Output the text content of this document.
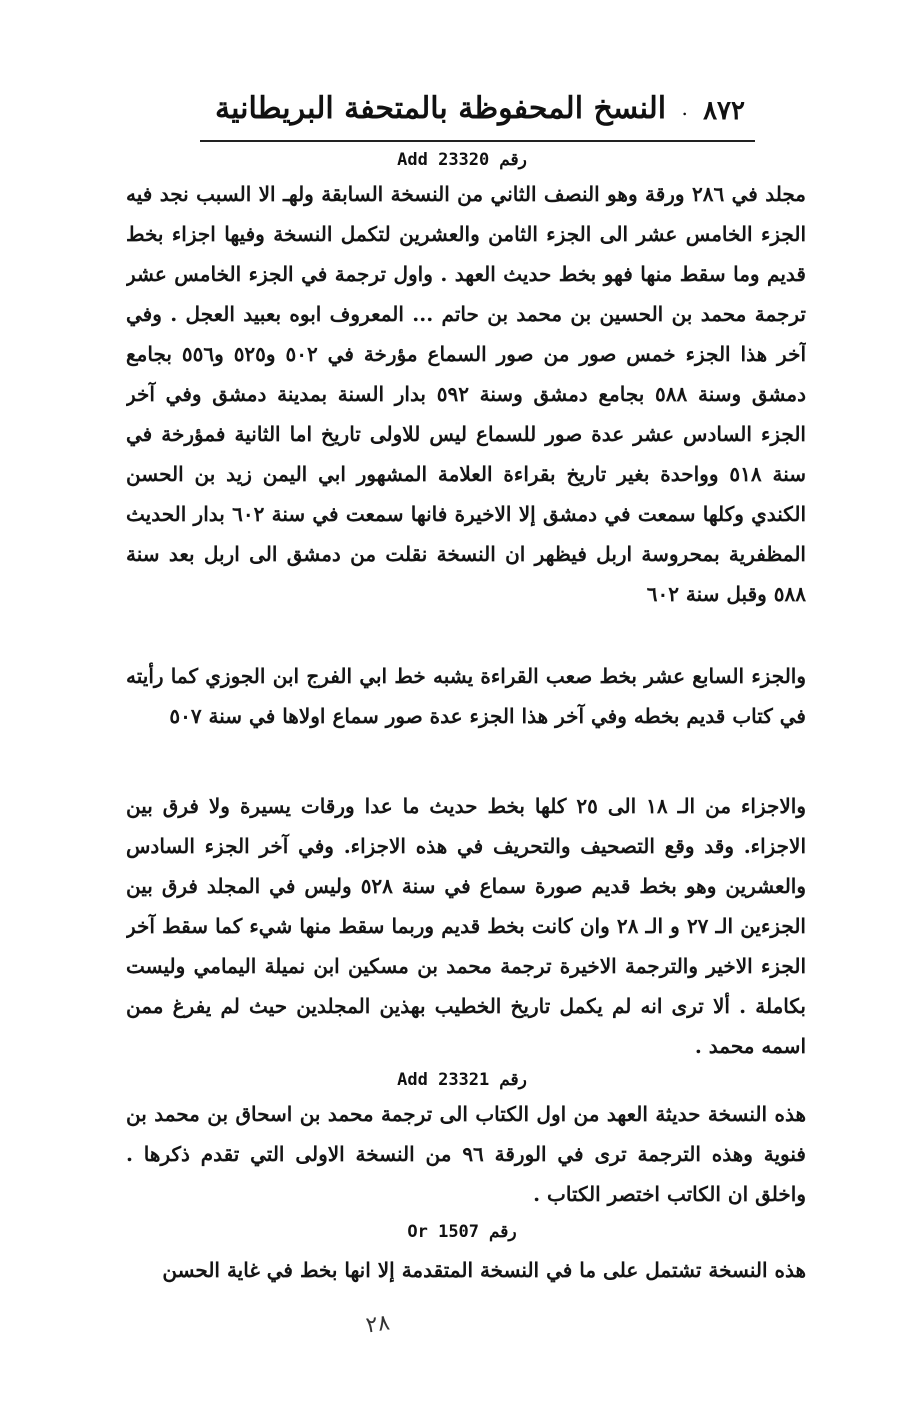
٨٧٢
.
النسخ المحفوظة بالمتحفة البريطانية
Add 23320 رقم

مجلد في ٢٨٦ ورقة وهو النصف الثاني من النسخة السابقة ولهـ الا السبب نجد فيه الجزء الخامس عشر الى الجزء الثامن والعشرين لتكمل النسخة وفيها اجزاء بخط قديم وما سقط منها فهو بخط حديث العهد . واول ترجمة في الجزء الخامس عشر ترجمة محمد بن الحسين بن محمد بن حاتم ... المعروف ابوه بعبيد العجل . وفي آخر هذا الجزء خمس صور من صور السماع مؤرخة في ٥٠٢ و٥٢٥ و٥٥٦ بجامع دمشق وسنة ٥٨٨ بجامع دمشق وسنة ٥٩٢ بدار السنة بمدينة دمشق وفي آخر الجزء السادس عشر عدة صور للسماع ليس للاولى تاريخ اما الثانية فمؤرخة في سنة ٥١٨ وواحدة بغير تاريخ بقراءة العلامة المشهور ابي اليمن زيد بن الحسن الكندي وكلها سمعت في دمشق إلا الاخيرة فانها سمعت في سنة ٦٠٢ بدار الحديث المظفرية بمحروسة اربل فيظهر ان النسخة نقلت من دمشق الى اربل بعد سنة ٥٨٨ وقبل سنة ٦٠٢

والجزء السابع عشر بخط صعب القراءة يشبه خط ابي الفرج ابن الجوزي كما رأيته في كتاب قديم بخطه وفي آخر هذا الجزء عدة صور سماع اولاها في سنة ٥٠٧

والاجزاء من الـ ١٨ الى ٢٥ كلها بخط حديث ما عدا ورقات يسيرة ولا فرق بين الاجزاء. وقد وقع التصحيف والتحريف في هذه الاجزاء. وفي آخر الجزء السادس والعشرين وهو بخط قديم صورة سماع في سنة ٥٢٨ وليس في المجلد فرق بين الجزءين الـ ٢٧ و الـ ٢٨ وان كانت بخط قديم وربما سقط منها شيء كما سقط آخر الجزء الاخير والترجمة الاخيرة ترجمة محمد بن مسكين ابن نميلة اليمامي وليست بكاملة . ألا ترى انه لم يكمل تاريخ الخطيب بهذين المجلدين حيث لم يفرغ ممن اسمه محمد .

Add 23321 رقم

هذه النسخة حديثة العهد من اول الكتاب الى ترجمة محمد بن اسحاق بن محمد بن فنوية وهذه الترجمة ترى في الورقة ٩٦ من النسخة الاولى التي تقدم ذكرها . واخلق ان الكاتب اختصر الكتاب .

Or 1507 رقم

هذه النسخة تشتمل على ما في النسخة المتقدمة إلا انها بخط في غاية الحسن

٢٨
